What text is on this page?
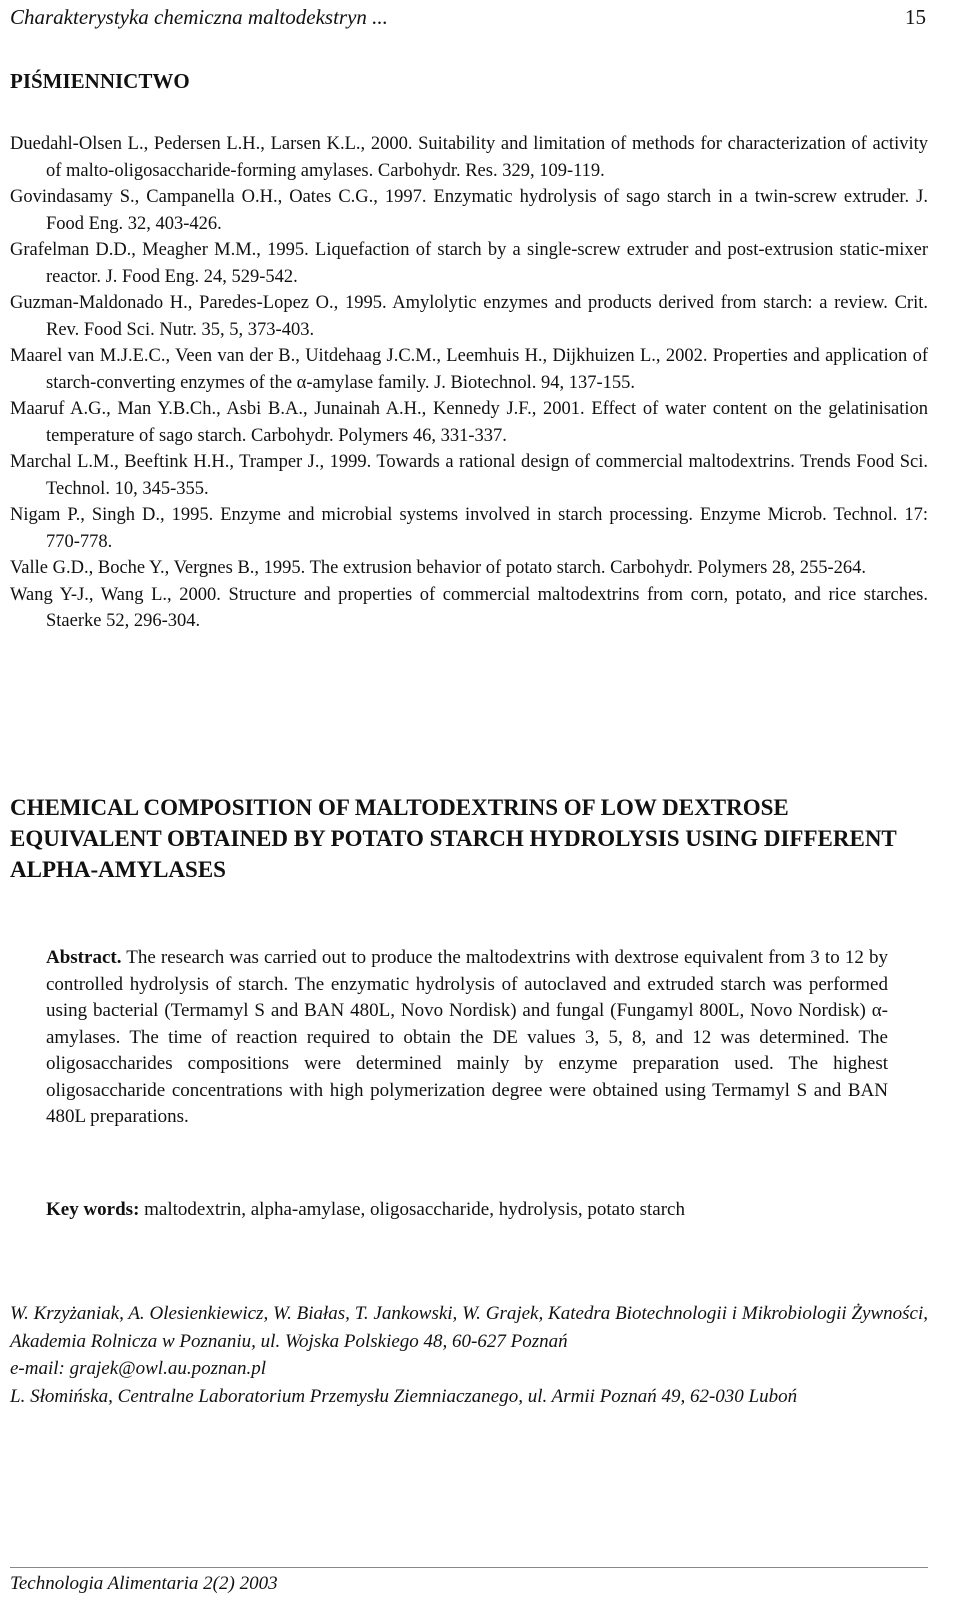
Charakterystyka chemiczna maltodekstryn ...	15
PIŚMIENNICTWO

Duedahl-Olsen L., Pedersen L.H., Larsen K.L., 2000. Suitability and limitation of methods for characterization of activity of malto-oligosaccharide-forming amylases. Carbohydr. Res. 329, 109-119.

Govindasamy S., Campanella O.H., Oates C.G., 1997. Enzymatic hydrolysis of sago starch in a twin-screw extruder. J. Food Eng. 32, 403-426.

Grafelman D.D., Meagher M.M., 1995. Liquefaction of starch by a single-screw extruder and post-extrusion static-mixer reactor. J. Food Eng. 24, 529-542.

Guzman-Maldonado H., Paredes-Lopez O., 1995. Amylolytic enzymes and products derived from starch: a review. Crit. Rev. Food Sci. Nutr. 35, 5, 373-403.

Maarel van M.J.E.C., Veen van der B., Uitdehaag J.C.M., Leemhuis H., Dijkhuizen L., 2002. Properties and application of starch-converting enzymes of the α-amylase family. J. Biotechnol. 94, 137-155.

Maaruf A.G., Man Y.B.Ch., Asbi B.A., Junainah A.H., Kennedy J.F., 2001. Effect of water content on the gelatinisation temperature of sago starch. Carbohydr. Polymers 46, 331-337.

Marchal L.M., Beeftink H.H., Tramper J., 1999. Towards a rational design of commercial maltodextrins. Trends Food Sci. Technol. 10, 345-355.

Nigam P., Singh D., 1995. Enzyme and microbial systems involved in starch processing. Enzyme Microb. Technol. 17: 770-778.

Valle G.D., Boche Y., Vergnes B., 1995. The extrusion behavior of potato starch. Carbohydr. Polymers 28, 255-264.

Wang Y-J., Wang L., 2000. Structure and properties of commercial maltodextrins from corn, potato, and rice starches. Staerke 52, 296-304.

CHEMICAL COMPOSITION OF MALTODEXTRINS OF LOW DEXTROSE EQUIVALENT OBTAINED BY POTATO STARCH HYDROLYSIS USING DIFFERENT ALPHA-AMYLASES
Abstract. The research was carried out to produce the maltodextrins with dextrose equivalent from 3 to 12 by controlled hydrolysis of starch. The enzymatic hydrolysis of autoclaved and extruded starch was performed using bacterial (Termamyl S and BAN 480L, Novo Nordisk) and fungal (Fungamyl 800L, Novo Nordisk) α-amylases. The time of reaction required to obtain the DE values 3, 5, 8, and 12 was determined. The oligosaccharides compositions were determined mainly by enzyme preparation used. The highest oligosaccharide concentrations with high polymerization degree were obtained using Termamyl S and BAN 480L preparations.
Key words: maltodextrin, alpha-amylase, oligosaccharide, hydrolysis, potato starch

W. Krzyżaniak, A. Olesienkiewicz, W. Białas, T. Jankowski, W. Grajek, Katedra Biotechnologii i Mikrobiologii Żywności, Akademia Rolnicza w Poznaniu, ul. Wojska Polskiego 48, 60-627 Poznań

e-mail: grajek@owl.au.poznan.pl

L. Słomińska, Centralne Laboratorium Przemysłu Ziemniaczanego, ul. Armii Poznań 49, 62-030 Luboń

Technologia Alimentaria 2(2) 2003
